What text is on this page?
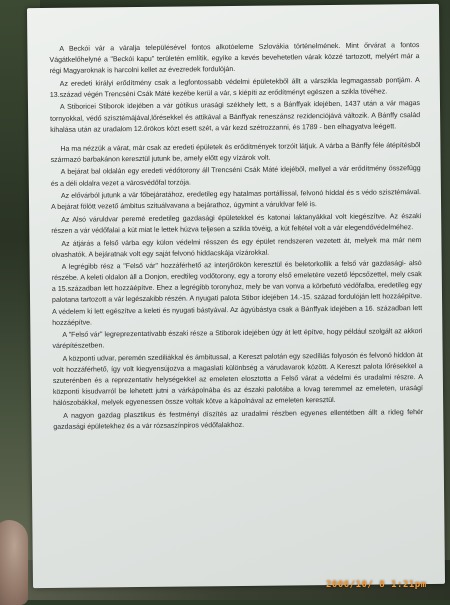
A Beckói vár a váralja településével fontos alkotóeleme Szlovákia történelmének. Mint őrvárat a fontos Vágátkelőhelyné a "Beckói kapu" területén említik, egyike a kevés bevehetetlen várak közzé tartozott, melyért már a régi Magyaroknak is harcolni kellet az évezredek fordulóján.

Az eredeti királyi erődítmény csak a legfontossabb védelmi épületekből állt a várszikla legmagassab pontjám. A 13.század végén Trencséni Csák Máté kezébe kerül a vár, s kiépíti az erődítményt egészen a szikla tövéhez.

A Stiboricei Stiborok idejében a vár gótikus urasági székhely lett, s a Bánffyak idejében, 1437 után a vár magas tornyokkal, védő szisztémájával,lőrésekkel és attikával a Bánffyak reneszánsz rezidenciójává változik. A Bánffy család kihalása után az uradalom 12.őrökos közt esett szét, a vár kezd szétrozzanni, és 1789 - ben elhagyatva leégett.

Ha ma nézzük a várat, már csak az eredeti épületek és erődítmények torzóit látjuk. A várba a Bánffy féle átépítésből származó barbakánon keresztül jutunk be, amely előtt egy vízárok volt.

A bejárat bal oldalán egy eredeti védőtorony áll Trencséni Csák Máté idejéből, mellyel a vár erődítmény összefügg és a déli oldalra vezet a városvédőfal torzója.

Az elővárból jutunk a vár főbejáratához, eredetileg egy hatalmas portállissal, felvonó híddal és s védo szisztémával. A bejárat fölött vezető ámbitus szituálvavana a bejárathoz, úgymint a váruldvar felé is.

Az Alsó váruldvar peremé eredetileg gazdasági épületekkel és katonai laktanyákkal volt kiegészítve. Az északi részen a vár védőfalai a kút miat le lettek húzva teljesen a szikla tövéig, a kút feltétel volt a vár elegendővédelméhez.

Az átjárás a felső várba egy külon védelmi résszen és egy épület rendszeren vezetett át, melyek ma már nem olvashatók. A bejáratnak volt egy saját felvonó hiddacskája vízárokkal.

A legrégibb rész a "Felső vár" hozzáférhető az interjőrökön keresztül és beletorkollik a felső vár gazdasági- alsó részébe. A keleti oldalon áll a Donjon, eredtileg vodőtorony, egy a torony első emeletére vezető lépcsőzettel, mely csak a 15.században lett hozzáépítve. Ehez a legrégibb toronyhoz, mely be van vonva a körbefutó védőfalba, eredetileg egy palotana tartozott a vár legészakibb részén. A nyugati palota Stibor idejében 14.-15. század fordulóján lett hozzáépítve. A védelem ki lett egészítve a keleti és nyugati bástyával. Az ágyúbástya csak a Bánffyak idejében a 16. században lett hozzáépítve.

A "Felső vár" legreprezentatívabb északi része a Stiborok idejében úgy át lett építve, hogy például szolgált az akkori várépítészetben.

A központi udvar, peremén szediliákkal és ámbitussal, a Kereszt palotán egy szedíliás folyosón és felvonó hiddon át volt hozzáférhető, így volt kiegyensújozva a magaslati különbség a várudavarok között. A Kereszt palota lőrésekkel a szuterénben és a reprezentatív helységekkel az emeleten elosztotta a Felső várat a védelmi és uradalmi részre. A központi kisudvarról be lehetett jutni a várkápolnába és az északi palotába a lovag teremmel az emeleten, uraságí hálószobákkal, melyek egyenessen össze voltak kötve a kápolnával az emeleten keresztül.

A nagyon gazdag plasztikus és festményi díszítés az uradalmi részben egyenes ellentétben állt a rideg fehér gazdasági épületekhez és a vár rózsaszínpiros védőfalakhoz.

2006/10/ 8 1:21pm
